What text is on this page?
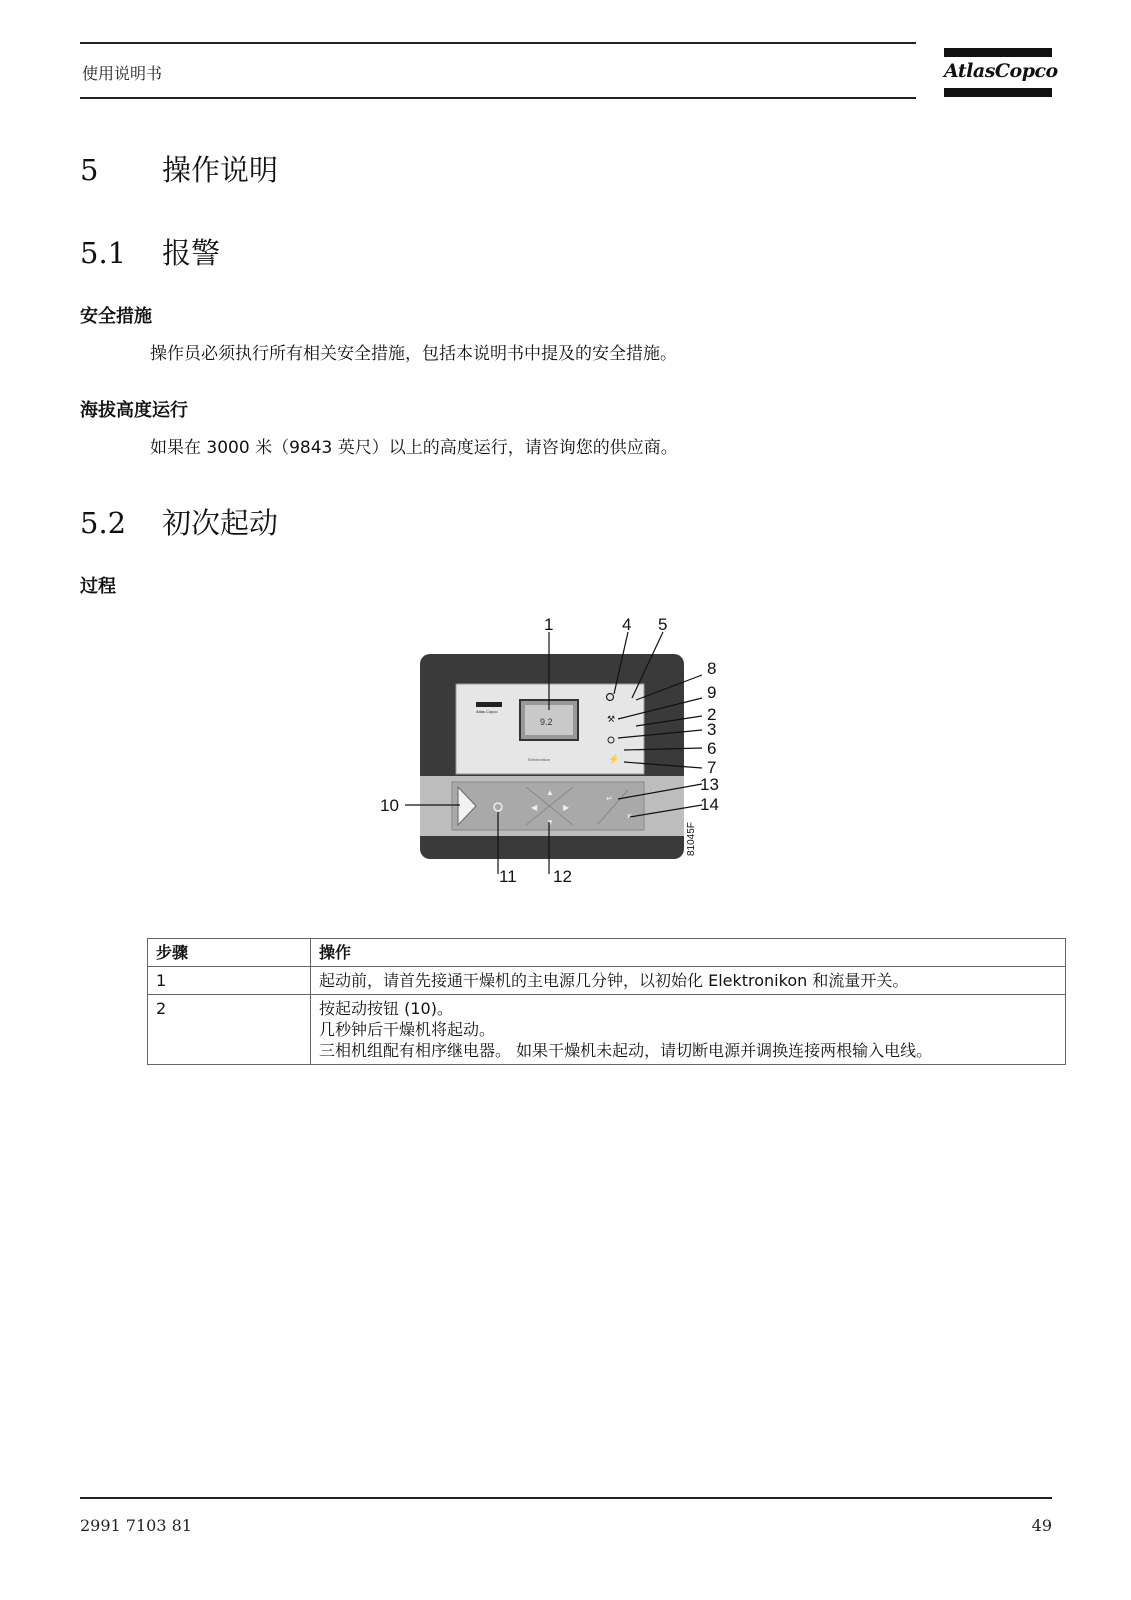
使用说明书	AtlasCopco
5 操作说明
5.1 报警
安全措施
操作员必须执行所有相关安全措施，包括本说明书中提及的安全措施。
海拔高度运行
如果在 3000 米（9843 英尺）以上的高度运行，请咨询您的供应商。
5.2 初次起动
过程
Atlas Copco
9.2
Elektronikon
⚒
⚡
▲
▼
◀	▶
↵
✕
1	4 5
8
9
2
3
6
7
13
14
10
11 12
81045F
步骤	操作
1	起动前，请首先接通干燥机的主电源几分钟，以初始化 Elektronikon 和流量开关。

2	按起动按钮 (10)。
几秒钟后干燥机将起动。
三相机组配有相序继电器。 如果干燥机未起动，请切断电源并调换连接两根输入电线。
2991 7103 81	49
